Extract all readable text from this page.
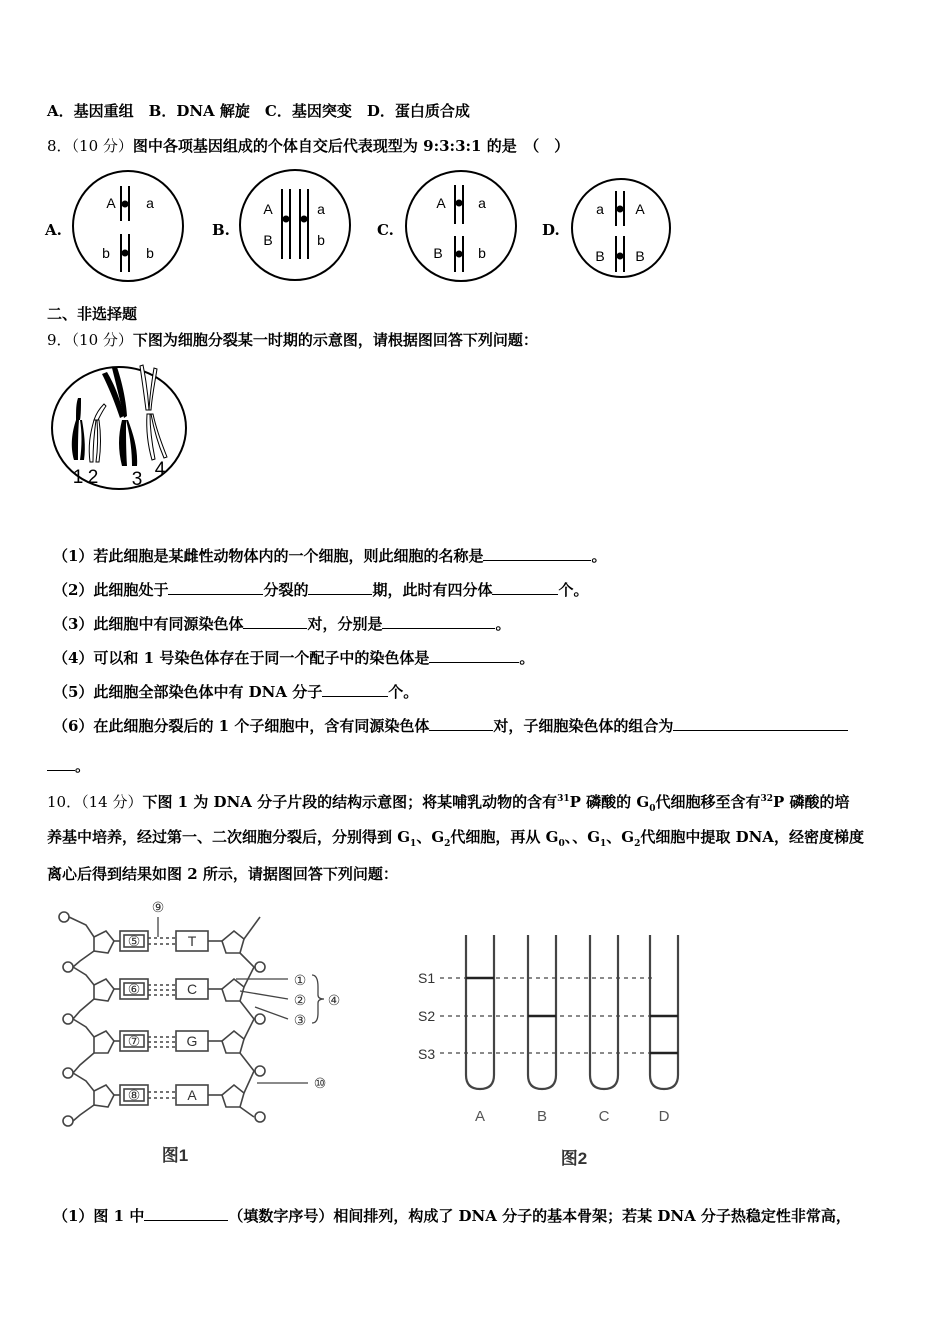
A．基因重组　B．DNA 解旋　C．基因突变　D．蛋白质合成
8．（10 分）图中各项基因组成的个体自交后代表现型为 9:3:3:1 的是　（　）
A.	B.	C.	D.
A a
b	b
A	a
B	b
A a
B	b
a A
B B
二、非选择题
9．（10 分）下图为细胞分裂某一时期的示意图，请根据图回答下列问题：
1 2 3 4
（1）若此细胞是某雌性动物体内的一个细胞，则此细胞的名称是	。
（2）此细胞处于	分裂的	期，此时有四分体	个。
（3）此细胞中有同源染色体	对，分别是	。
（4）可以和 1 号染色体存在于同一个配子中的染色体是	。
（5）此细胞全部染色体中有 DNA 分子	个。
（6）在此细胞分裂后的 1 个子细胞中，含有同源染色体	对，子细胞染色体的组合为
。
10．（14 分）下图 1 为 DNA 分子片段的结构示意图；将某哺乳动物的含有$^{31}$P 磷酸的 $G_0$代细胞移至含有$^{32}$P 磷酸的培
养基中培养，经过第一、二次细胞分裂后，分别得到 $G_1$、$G_2$代细胞，再从 $G_0$、、$G_1$、$G_2$代细胞中提取 DNA，经密度梯度
离心后得到结果如图 2 所示，请据图回答下列问题：
⑤
⑥
⑦
⑧
T
C
G
A
⑨
①
②
③
④
⑩
图1
S1
S2
S3
A	B	C	D
图2
（1）图 1 中	（填数字序号）相间排列，构成了 DNA 分子的基本骨架；若某 DNA 分子热稳定性非常高，
